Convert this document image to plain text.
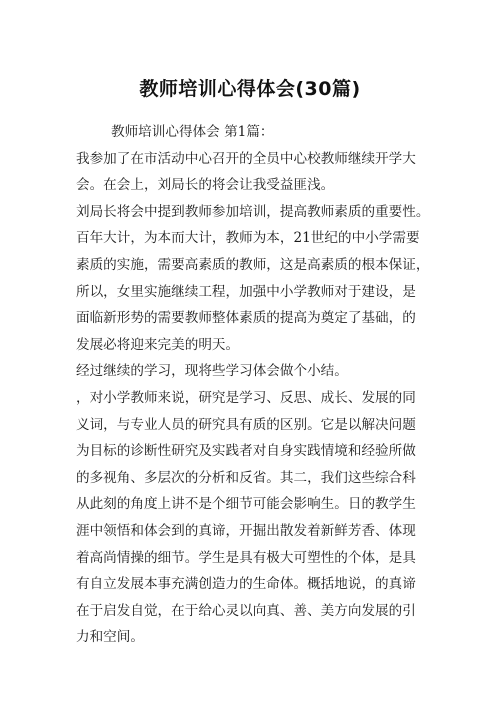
教师培训心得体会(30篇)
教师培训心得体会 第1篇：
我参加了在市活动中心召开的全员中心校教师继续开学大
会。在会上，刘局长的将会让我受益匪浅。
刘局长将会中提到教师参加培训，提高教师素质的重要性。
百年大计，为本而大计，教师为本，21世纪的中小学需要
素质的实施，需要高素质的教师，这是高素质的根本保证，
所以，女里实施继续工程，加强中小学教师对于建设，是
面临新形势的需要教师整体素质的提高为奠定了基础，的
发展必将迎来完美的明天。
经过继续的学习，现将些学习体会做个小结。
，对小学教师来说，研究是学习、反思、成长、发展的同
义词，与专业人员的研究具有质的区别。它是以解决问题
为目标的诊断性研究及实践者对自身实践情境和经验所做
的多视角、多层次的分析和反省。其二，我们这些综合科
从此刻的角度上讲不是个细节可能会影响生。日的教学生
涯中领悟和体会到的真谛，开掘出散发着新鲜芳香、体现
着高尚情操的细节。学生是具有极大可塑性的个体，是具
有自立发展本事充满创造力的生命体。概括地说，的真谛
在于启发自觉，在于给心灵以向真、善、美方向发展的引
力和空间。
